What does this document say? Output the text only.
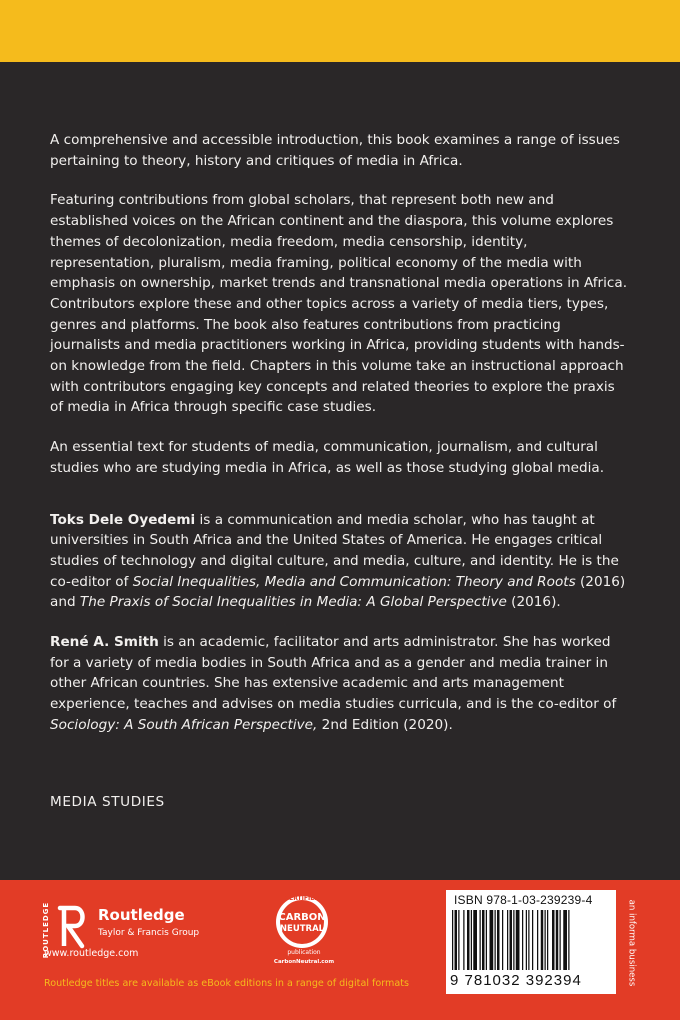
A comprehensive and accessible introduction, this book examines a range of issues pertaining to theory, history and critiques of media in Africa.

Featuring contributions from global scholars, that represent both new and established voices on the African continent and the diaspora, this volume explores themes of decolonization, media freedom, media censorship, identity, representation, pluralism, media framing, political economy of the media with emphasis on ownership, market trends and transnational media operations in Africa. Contributors explore these and other topics across a variety of media tiers, types, genres and platforms. The book also features contributions from practicing journalists and media practitioners working in Africa, providing students with hands-on knowledge from the field. Chapters in this volume take an instructional approach with contributors engaging key concepts and related theories to explore the praxis of media in Africa through specific case studies.

An essential text for students of media, communication, journalism, and cultural studies who are studying media in Africa, as well as those studying global media.

Toks Dele Oyedemi is a communication and media scholar, who has taught at universities in South Africa and the United States of America. He engages critical studies of technology and digital culture, and media, culture, and identity. He is the co-editor of Social Inequalities, Media and Communication: Theory and Roots (2016) and The Praxis of Social Inequalities in Media: A Global Perspective (2016).

René A. Smith is an academic, facilitator and arts administrator. She has worked for a variety of media bodies in South Africa and as a gender and media trainer in other African countries. She has extensive academic and arts management experience, teaches and advises on media studies curricula, and is the co-editor of Sociology: A South African Perspective, 2nd Edition (2020).

MEDIA STUDIES
ROUTLEDGE	Routledge
Taylor & Francis Group
www.routledge.com
CERTIFIED
CARBON
NEUTRAL
publication
CarbonNeutral.com
ISBN 978-1-03-239239-4
9 781032 392394	an informa business
Routledge titles are available as eBook editions in a range of digital formats
